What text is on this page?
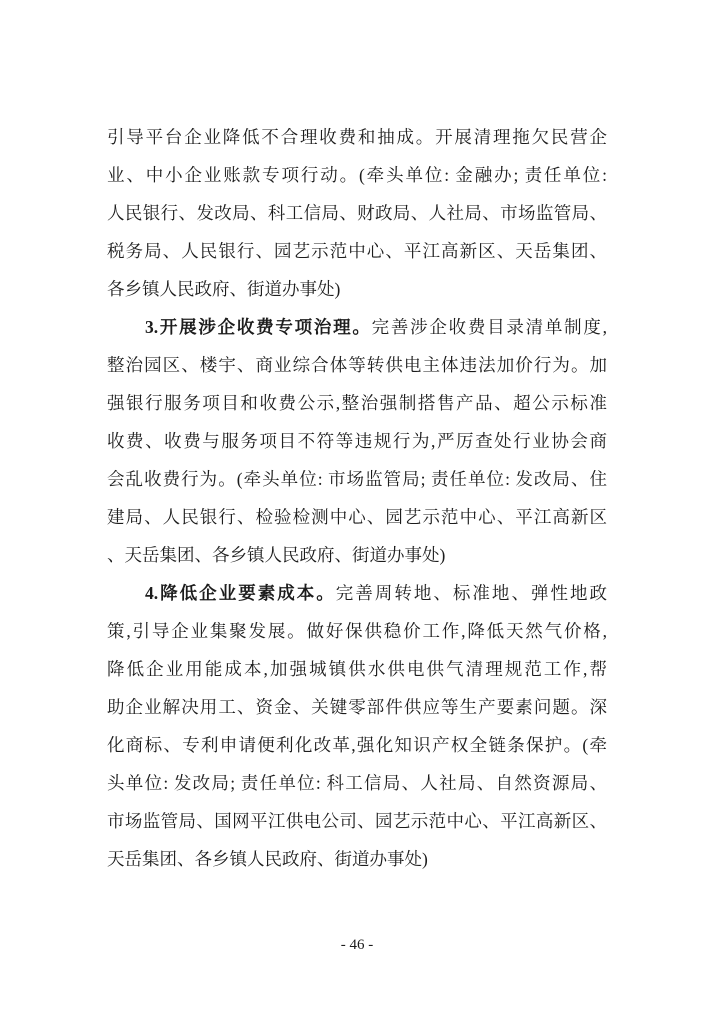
引导平台企业降低不合理收费和抽成。开展清理拖欠民营企
业、中小企业账款专项行动。(牵头单位: 金融办; 责任单位:
人民银行、发改局、科工信局、财政局、人社局、市场监管局、
税务局、人民银行、园艺示范中心、平江高新区、天岳集团、
各乡镇人民政府、街道办事处)
3.开展涉企收费专项治理。完善涉企收费目录清单制度,
整治园区、楼宇、商业综合体等转供电主体违法加价行为。加
强银行服务项目和收费公示,整治强制搭售产品、超公示标准
收费、收费与服务项目不符等违规行为,严厉查处行业协会商
会乱收费行为。(牵头单位: 市场监管局; 责任单位: 发改局、住
建局、人民银行、检验检测中心、园艺示范中心、平江高新区
、天岳集团、各乡镇人民政府、街道办事处)
4.降低企业要素成本。完善周转地、标准地、弹性地政
策,引导企业集聚发展。做好保供稳价工作,降低天然气价格,
降低企业用能成本,加强城镇供水供电供气清理规范工作,帮
助企业解决用工、资金、关键零部件供应等生产要素问题。深
化商标、专利申请便利化改革,强化知识产权全链条保护。(牵
头单位: 发改局; 责任单位: 科工信局、人社局、自然资源局、
市场监管局、国网平江供电公司、园艺示范中心、平江高新区、
天岳集团、各乡镇人民政府、街道办事处)
- 46 -
